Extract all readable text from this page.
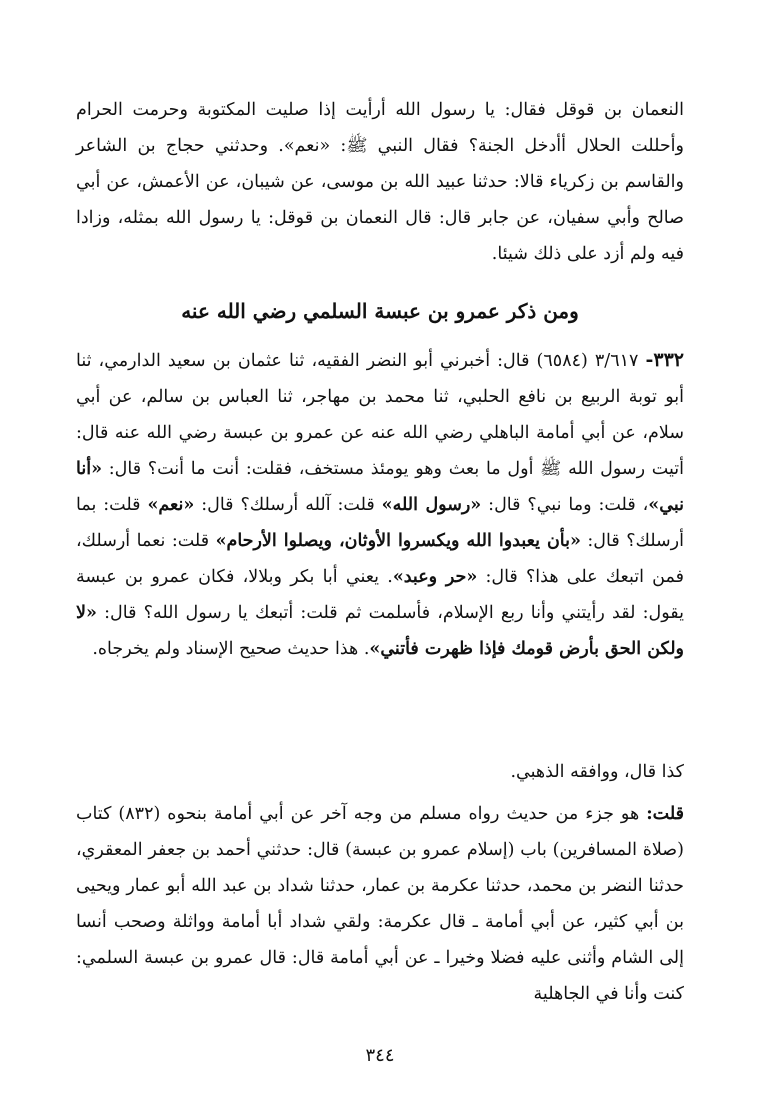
النعمان بن قوقل فقال: يا رسول الله أرأيت إذا صليت المكتوبة وحرمت الحرام وأحللت الحلال أأدخل الجنة؟ فقال النبي ﷺ: «نعم». وحدثني حجاج بن الشاعر والقاسم بن زكرياء قالا: حدثنا عبيد الله بن موسى، عن شيبان، عن الأعمش، عن أبي صالح وأبي سفيان، عن جابر قال: قال النعمان بن قوقل: يا رسول الله بمثله، وزادا فيه ولم أزد على ذلك شيئا.

ومن ذكر عمرو بن عبسة السلمي رضي الله عنه

٣٣٢- ٣/٦١٧ (٦٥٨٤) قال: أخبرني أبو النضر الفقيه، ثنا عثمان بن سعيد الدارمي، ثنا أبو توبة الربيع بن نافع الحلبي، ثنا محمد بن مهاجر، ثنا العباس بن سالم، عن أبي سلام، عن أبي أمامة الباهلي رضي الله عنه عن عمرو بن عبسة رضي الله عنه قال: أتيت رسول الله ﷺ أول ما بعث وهو يومئذ مستخف، فقلت: أنت ما أنت؟ قال: «أنا نبي»، قلت: وما نبي؟ قال: «رسول الله» قلت: آلله أرسلك؟ قال: «نعم» قلت: بما أرسلك؟ قال: «بأن يعبدوا الله ويكسروا الأوثان، ويصلوا الأرحام» قلت: نعما أرسلك، فمن اتبعك على هذا؟ قال: «حر وعبد». يعني أبا بكر وبلالا، فكان عمرو بن عبسة يقول: لقد رأيتني وأنا ربع الإسلام، فأسلمت ثم قلت: أتبعك يا رسول الله؟ قال: «لا ولكن الحق بأرض قومك فإذا ظهرت فأتني». هذا حديث صحيح الإسناد ولم يخرجاه.

كذا قال، ووافقه الذهبي.

قلت: هو جزء من حديث رواه مسلم من وجه آخر عن أبي أمامة بنحوه (٨٣٢) كتاب (صلاة المسافرين) باب (إسلام عمرو بن عبسة) قال: حدثني أحمد بن جعفر المعقري، حدثنا النضر بن محمد، حدثنا عكرمة بن عمار، حدثنا شداد بن عبد الله أبو عمار ويحيى بن أبي كثير، عن أبي أمامة ـ قال عكرمة: ولقي شداد أبا أمامة وواثلة وصحب أنسا إلى الشام وأثنى عليه فضلا وخيرا ـ عن أبي أمامة قال: قال عمرو بن عبسة السلمي: كنت وأنا في الجاهلية

٣٤٤
